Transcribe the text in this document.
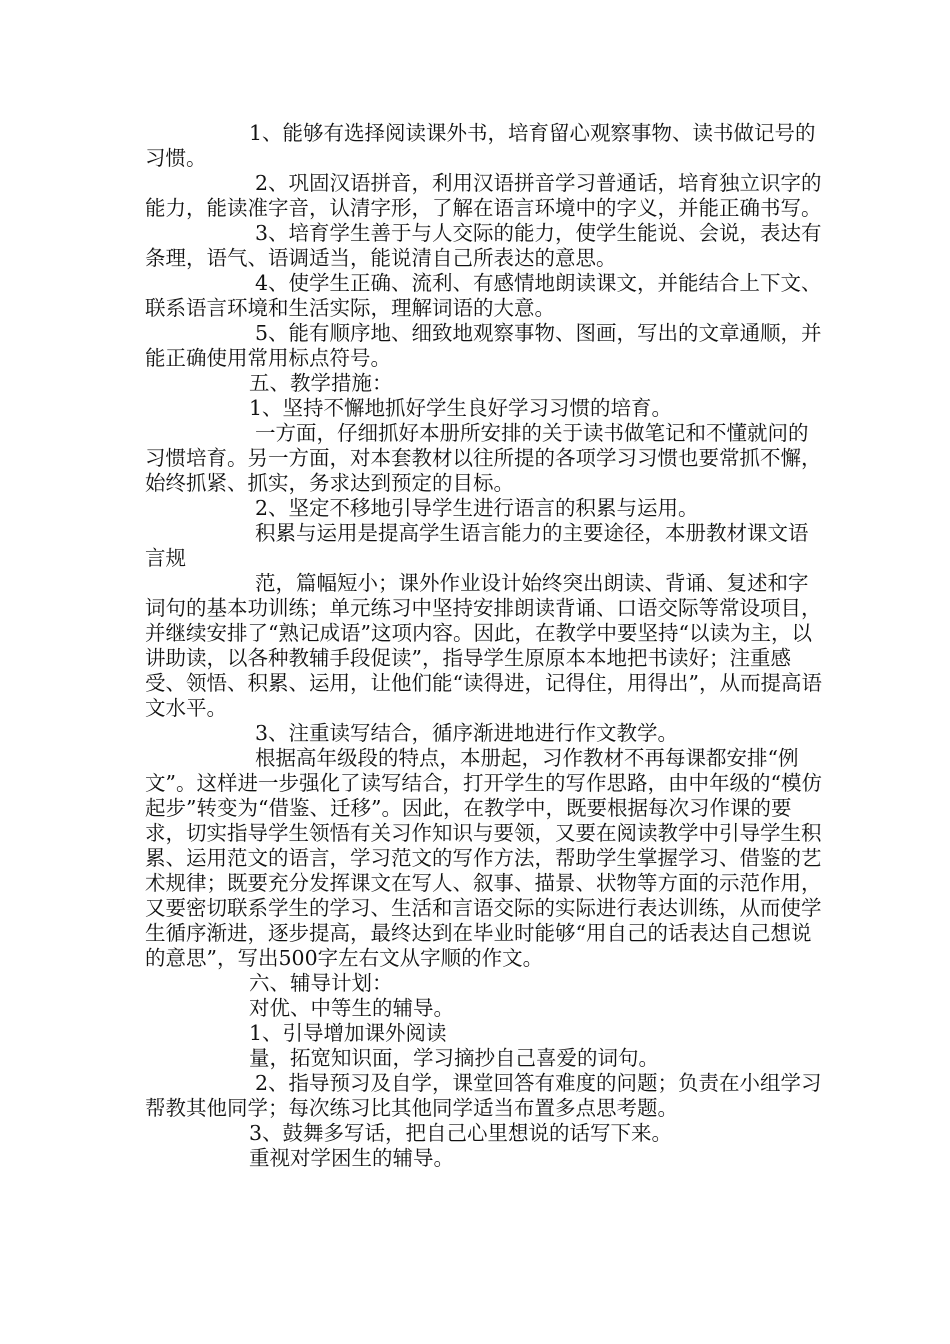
1、能够有选择阅读课外书，培育留心观察事物、读书做记号的习惯。

2、巩固汉语拼音，利用汉语拼音学习普通话，培育独立识字的能力，能读准字音，认清字形，了解在语言环境中的字义，并能正确书写。

3、培育学生善于与人交际的能力，使学生能说、会说，表达有条理，语气、语调适当，能说清自己所表达的意思。

4、使学生正确、流利、有感情地朗读课文，并能结合上下文、联系语言环境和生活实际，理解词语的大意。

5、能有顺序地、细致地观察事物、图画，写出的文章通顺，并能正确使用常用标点符号。

五、教学措施：

1、坚持不懈地抓好学生良好学习习惯的培育。

一方面，仔细抓好本册所安排的关于读书做笔记和不懂就问的习惯培育。另一方面，对本套教材以往所提的各项学习习惯也要常抓不懈，始终抓紧、抓实，务求达到预定的目标。

2、坚定不移地引导学生进行语言的积累与运用。

积累与运用是提高学生语言能力的主要途径，本册教材课文语言规

范，篇幅短小；课外作业设计始终突出朗读、背诵、复述和字词句的基本功训练；单元练习中坚持安排朗读背诵、口语交际等常设项目，并继续安排了“熟记成语”这项内容。因此，在教学中要坚持“以读为主，以讲助读，以各种教辅手段促读”，指导学生原原本本地把书读好；注重感受、领悟、积累、运用，让他们能“读得进，记得住，用得出”，从而提高语文水平。

3、注重读写结合，循序渐进地进行作文教学。

根据高年级段的特点，本册起，习作教材不再每课都安排“例文”。这样进一步强化了读写结合，打开学生的写作思路，由中年级的“模仿起步”转变为“借鉴、迁移”。因此，在教学中，既要根据每次习作课的要求，切实指导学生领悟有关习作知识与要领，又要在阅读教学中引导学生积累、运用范文的语言，学习范文的写作方法，帮助学生掌握学习、借鉴的艺术规律；既要充分发挥课文在写人、叙事、描景、状物等方面的示范作用，又要密切联系学生的学习、生活和言语交际的实际进行表达训练，从而使学生循序渐进，逐步提高，最终达到在毕业时能够“用自己的话表达自己想说的意思”，写出500字左右文从字顺的作文。

六、辅导计划：

对优、中等生的辅导。

1、引导增加课外阅读

量，拓宽知识面，学习摘抄自己喜爱的词句。

2、指导预习及自学，课堂回答有难度的问题；负责在小组学习帮教其他同学；每次练习比其他同学适当布置多点思考题。

3、鼓舞多写话，把自己心里想说的话写下来。

重视对学困生的辅导。
